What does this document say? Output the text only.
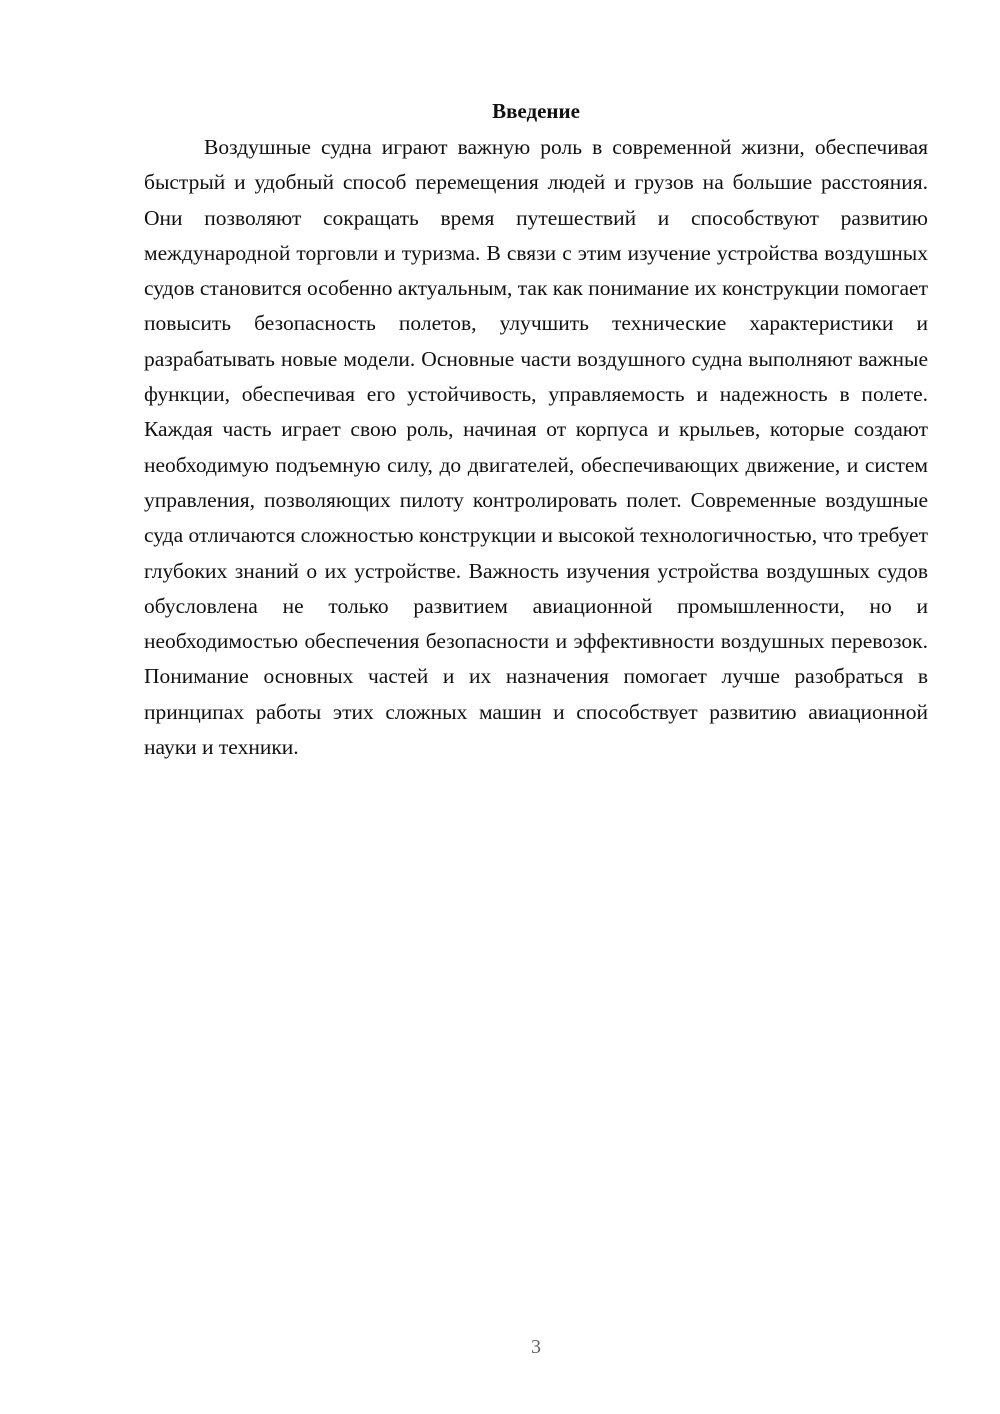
Введение

Воздушные судна играют важную роль в современной жизни, обеспечивая быстрый и удобный способ перемещения людей и грузов на большие расстояния. Они позволяют сокращать время путешествий и способствуют развитию международной торговли и туризма. В связи с этим изучение устройства воздушных судов становится особенно актуальным, так как понимание их конструкции помогает повысить безопасность полетов, улучшить технические характеристики и разрабатывать новые модели. Основные части воздушного судна выполняют важные функции, обеспечивая его устойчивость, управляемость и надежность в полете. Каждая часть играет свою роль, начиная от корпуса и крыльев, которые создают необходимую подъемную силу, до двигателей, обеспечивающих движение, и систем управления, позволяющих пилоту контролировать полет. Современные воздушные суда отличаются сложностью конструкции и высокой технологичностью, что требует глубоких знаний о их устройстве. Важность изучения устройства воздушных судов обусловлена не только развитием авиационной промышленности, но и необходимостью обеспечения безопасности и эффективности воздушных перевозок. Понимание основных частей и их назначения помогает лучше разобраться в принципах работы этих сложных машин и способствует развитию авиационной науки и техники.

3
